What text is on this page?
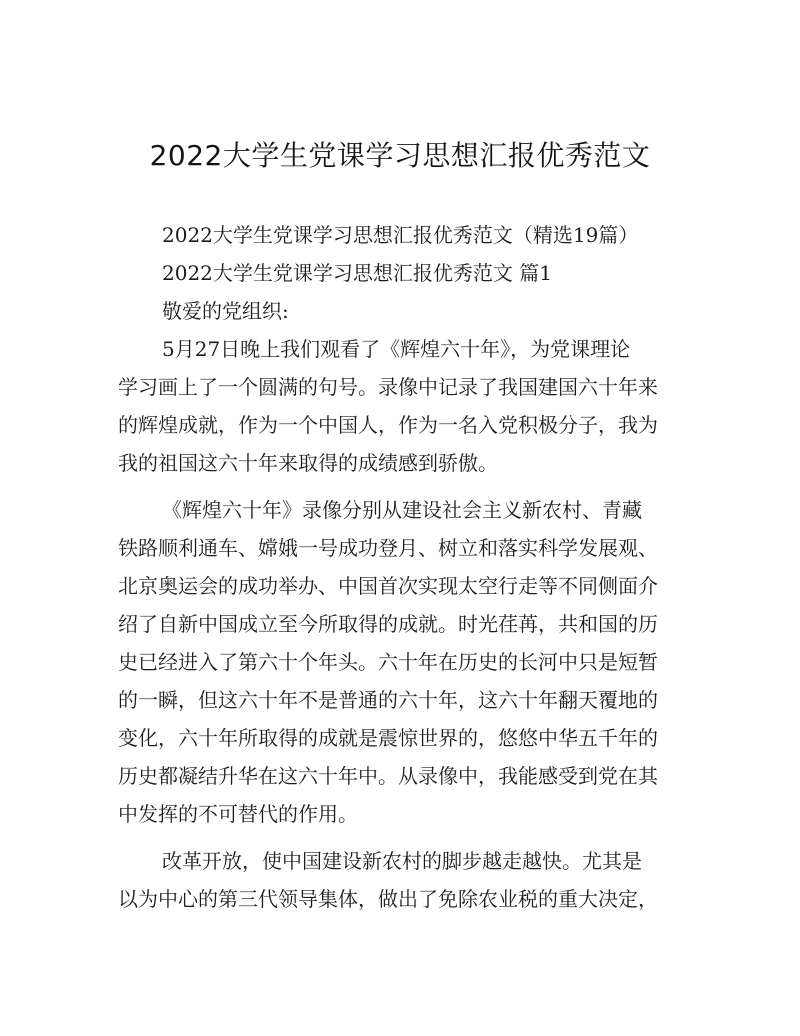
2022大学生党课学习思想汇报优秀范文
2022大学生党课学习思想汇报优秀范文（精选19篇）
2022大学生党课学习思想汇报优秀范文 篇1
敬爱的党组织:
5月27日晚上我们观看了《辉煌六十年》，为党课理论
学习画上了一个圆满的句号。录像中记录了我国建国六十年来
的辉煌成就，作为一个中国人，作为一名入党积极分子，我为
我的祖国这六十年来取得的成绩感到骄傲。
《辉煌六十年》录像分别从建设社会主义新农村、青藏
铁路顺利通车、嫦娥一号成功登月、树立和落实科学发展观、
北京奥运会的成功举办、中国首次实现太空行走等不同侧面介
绍了自新中国成立至今所取得的成就。时光荏苒，共和国的历
史已经进入了第六十个年头。六十年在历史的长河中只是短暂
的一瞬，但这六十年不是普通的六十年，这六十年翻天覆地的
变化，六十年所取得的成就是震惊世界的，悠悠中华五千年的
历史都凝结升华在这六十年中。从录像中，我能感受到党在其
中发挥的不可替代的作用。
改革开放，使中国建设新农村的脚步越走越快。尤其是
以为中心的第三代领导集体，做出了免除农业税的重大决定，
